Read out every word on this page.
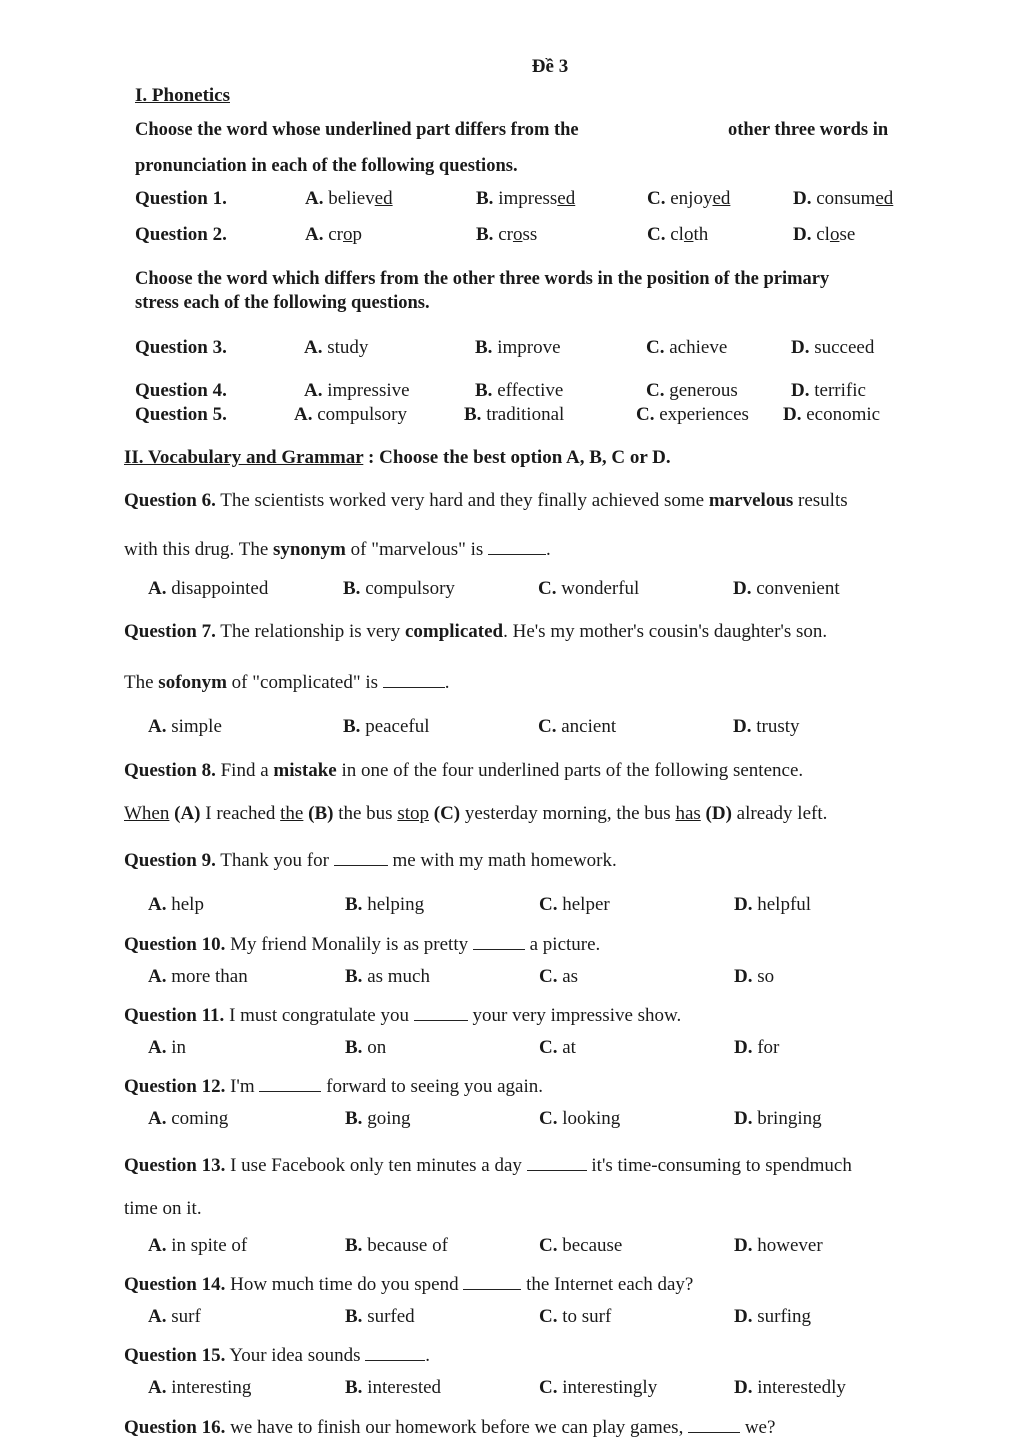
Đề 3
I. Phonetics
Choose the word whose underlined part differs from the	other three words in
pronunciation in each of the following questions.
Question 1.	A. believed	B. impressed	C. enjoyed	D. consumed
Question 2.	A. crop	B. cross	C. cloth	D. close
Choose the word which differs from the other three words in the position of the primary
stress each of the following questions.
Question 3.	A. study	B. improve	C. achieve	D. succeed
Question 4.	A. impressive	B. effective	C. generous	D. terrific
Question 5.	A. compulsory	B. traditional	C. experiences D. economic
II. Vocabulary and Grammar : Choose the best option A, B, C or D.
Question 6. The scientists worked very hard and they finally achieved some marvelous results
with this drug. The synonym of "marvelous" is	.
A. disappointed	B. compulsory	C. wonderful	D. convenient
Question 7. The relationship is very complicated. He's my mother's cousin's daughter's son.
The sofonym of "complicated" is	.
A. simple	B. peaceful	C. ancient	D. trusty
Question 8. Find a mistake in one of the four underlined parts of the following sentence.
When (A) I reached the (B) the bus stop (C) yesterday morning, the bus has (D) already left.
Question 9. Thank you for	me with my math homework.
A. help	B. helping	C. helper	D. helpful
Question 10. My friend Monalily is as pretty	a picture.
A. more than	B. as much	C. as	D. so
Question 11. I must congratulate you	your very impressive show.
A. in	B. on	C. at	D. for
Question 12. I'm	forward to seeing you again.
A. coming	B. going	C. looking	D. bringing
Question 13. I use Facebook only ten minutes a day	it's time-consuming to spendmuch
time on it.
A. in spite of	B. because of	C. because	D. however
Question 14. How much time do you spend	the Internet each day?
A. surf	B. surfed	C. to surf	D. surfing
Question 15. Your idea sounds	.
A. interesting	B. interested	C. interestingly	D. interestedly
Question 16. we have to finish our homework before we can play games,	we?
